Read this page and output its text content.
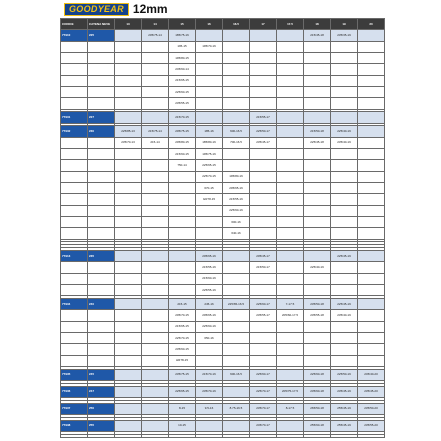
GOODYEAR 12mm
CODICE	CATENA NEVE	13	14	15	16	16.5	17	17.5	18	19	20
77910	225		205/75-14	185/75-16					215/45-18	235/35-19	
				195-15	195/70-16						
				195/80-15							
				245/60-14							
				215/65-15							
				225/60-15							
				235/55-15							

77931	227			215/70-15			215/55-17				

77932	230	225/85-13	215/75-14	205/75-15	185-16	600-16.5	225/50-17		215/50-18	225/40-19	
		235/70-13	215-14	205/80-15	185/80-16	700-16.5	235/45-17		225/45-18	235/40-19	
				215/60-15	195/75-16						
				750-14	225/65-15						
					225/70-15	195/80-16					
					670-15	205/65-16					
					GR78-15	215/55-16					
						225/60-16					
						600-16					
						640-16					

77913	235				205/65-16		205/45-17			225/45-19	
					215/55-16		215/50-17		225/40-19		
					215/60-16						
					225/55-16						

77934	240			215-15	245-16	225/65-16.5	225/60-17	7-17.5	235/50-18	225/45-19	
				205/70-15	205/65-16		235/55-17	205/60-17.5	235/55-18	235/40-19	
				215/65-15	225/60-16						
				225/70-15	650-16						
				235/60-15							
				HR78-15							

77935	245			235/75-15	215/70-16	600-16.5	225/60-17		225/60-18	225/50-19	245/40-20

77936	247			225/65-15	235/70-16		225/70-17	205/75-17.5	235/60-18	235/45-19	235/45-20

77937	250			8-15	9.5-16	8.75-16.5	235/70-17	8-17.5	265/50-18	255/45-19	235/50-20

77938	255			10-15			245/70-17		255/60-18	255/45-19	235/55-20
